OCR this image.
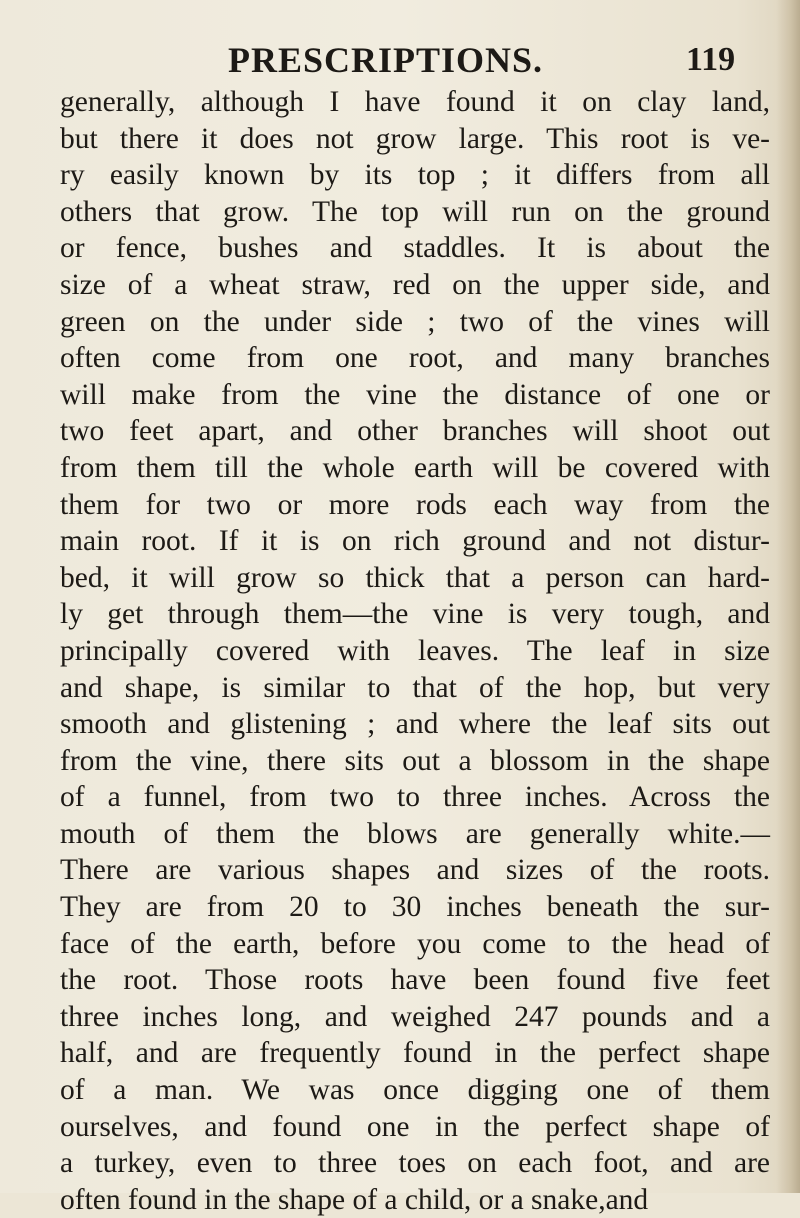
PRESCRIPTIONS.	119
generally, although I have found it on clay land,
but there it does not grow large. This root is ve-
ry easily known by its top ; it differs from all
others that grow. The top will run on the ground
or fence, bushes and staddles. It is about the
size of a wheat straw, red on the upper side, and
green on the under side ; two of the vines will
often come from one root, and many branches
will make from the vine the distance of one or
two feet apart, and other branches will shoot out
from them till the whole earth will be covered with
them for two or more rods each way from the
main root. If it is on rich ground and not distur-
bed, it will grow so thick that a person can hard-
ly get through them—the vine is very tough, and
principally covered with leaves. The leaf in size
and shape, is similar to that of the hop, but very
smooth and glistening ; and where the leaf sits out
from the vine, there sits out a blossom in the shape
of a funnel, from two to three inches. Across the
mouth of them the blows are generally white.—
There are various shapes and sizes of the roots.
They are from 20 to 30 inches beneath the sur-
face of the earth, before you come to the head of
the root. Those roots have been found five feet
three inches long, and weighed 247 pounds and a
half, and are frequently found in the perfect shape
of a man. We was once digging one of them
ourselves, and found one in the perfect shape of
a turkey, even to three toes on each foot, and are
often found in the shape of a child, or a snake,and
